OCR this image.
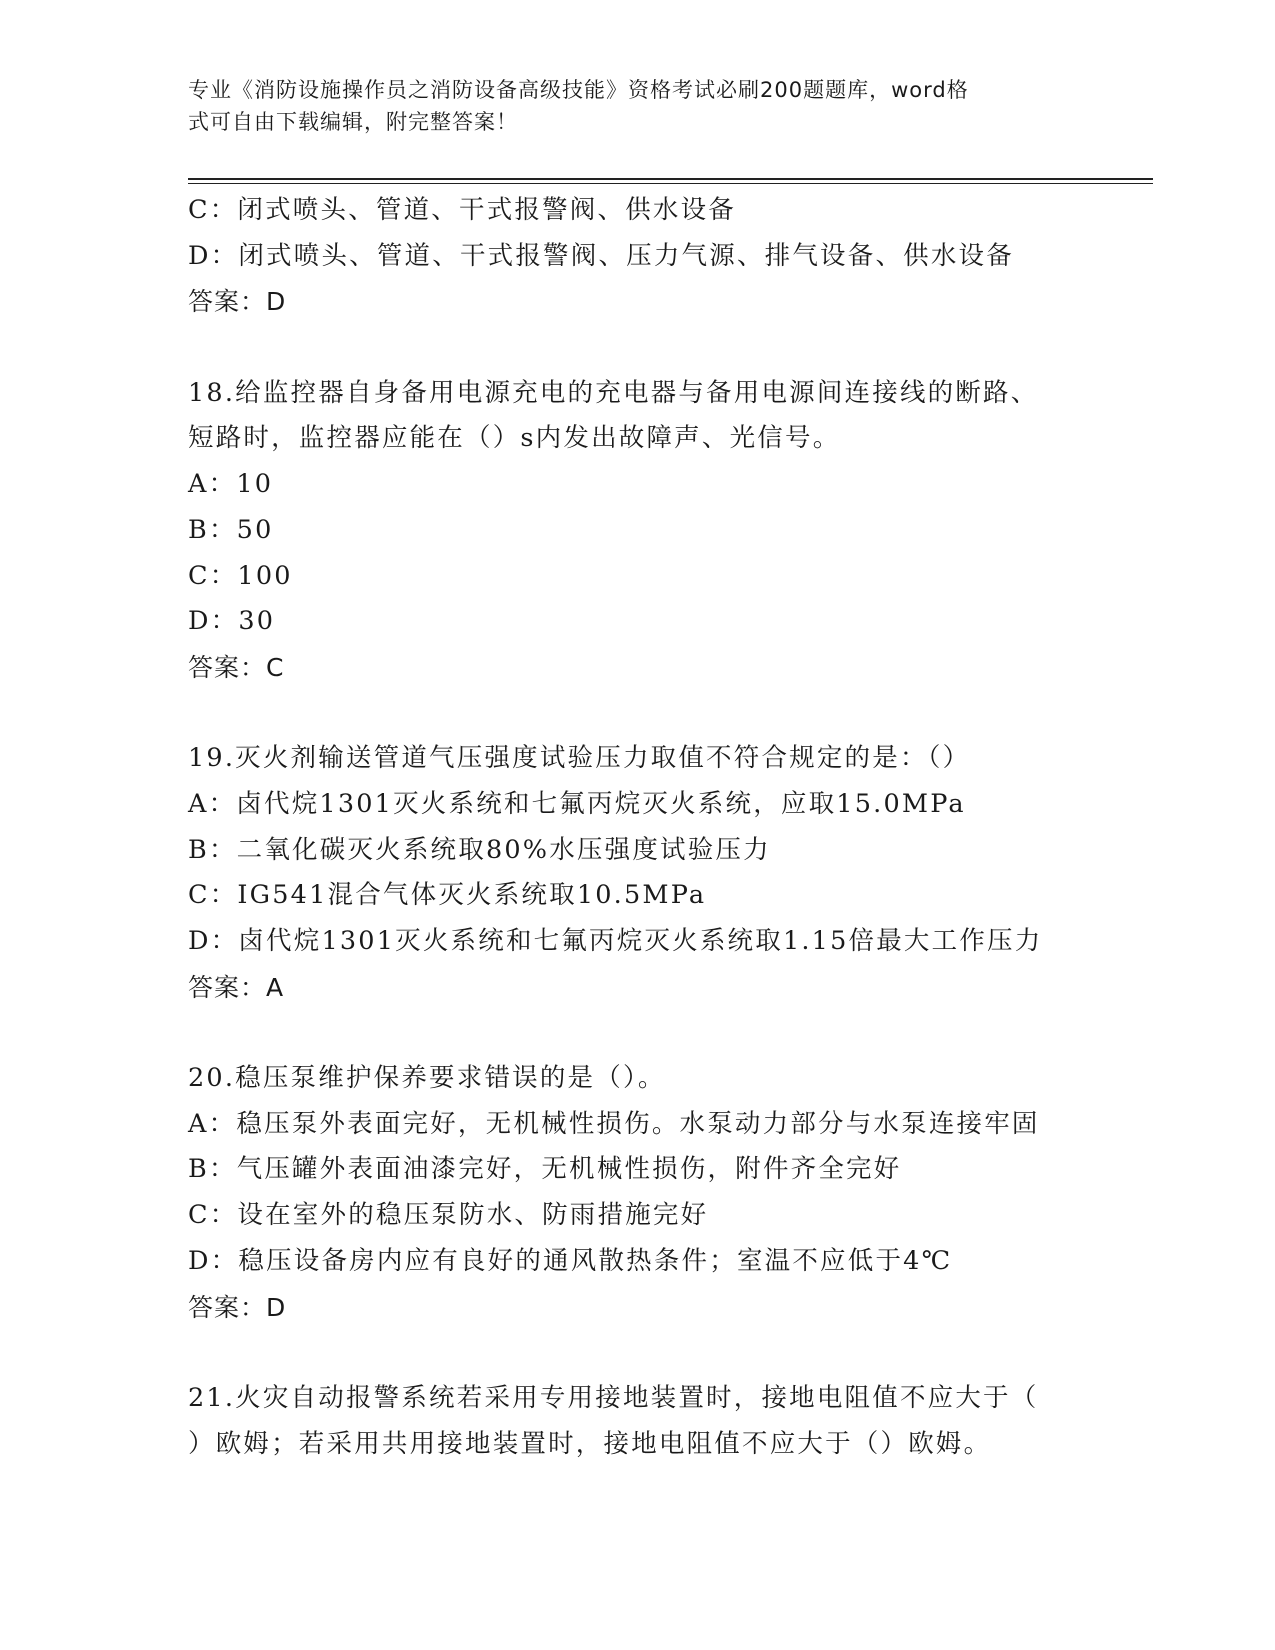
专业《消防设施操作员之消防设备高级技能》资格考试必刷200题题库，word格
式可自由下载编辑，附完整答案！
C：闭式喷头、管道、干式报警阀、供水设备
D：闭式喷头、管道、干式报警阀、压力气源、排气设备、供水设备
答案：D
18.给监控器自身备用电源充电的充电器与备用电源间连接线的断路、
短路时，监控器应能在（）s内发出故障声、光信号。
A：10
B：50
C：100
D：30
答案：C
19.灭火剂输送管道气压强度试验压力取值不符合规定的是：（）
A：卤代烷1301灭火系统和七氟丙烷灭火系统，应取15.0MPa
B：二氧化碳灭火系统取80%水压强度试验压力
C：IG541混合气体灭火系统取10.5MPa
D：卤代烷1301灭火系统和七氟丙烷灭火系统取1.15倍最大工作压力
答案：A
20.稳压泵维护保养要求错误的是（）。
A：稳压泵外表面完好，无机械性损伤。水泵动力部分与水泵连接牢固
B：气压罐外表面油漆完好，无机械性损伤，附件齐全完好
C：设在室外的稳压泵防水、防雨措施完好
D：稳压设备房内应有良好的通风散热条件；室温不应低于4℃
答案：D
21.火灾自动报警系统若采用专用接地装置时，接地电阻值不应大于（
）欧姆；若采用共用接地装置时，接地电阻值不应大于（）欧姆。
